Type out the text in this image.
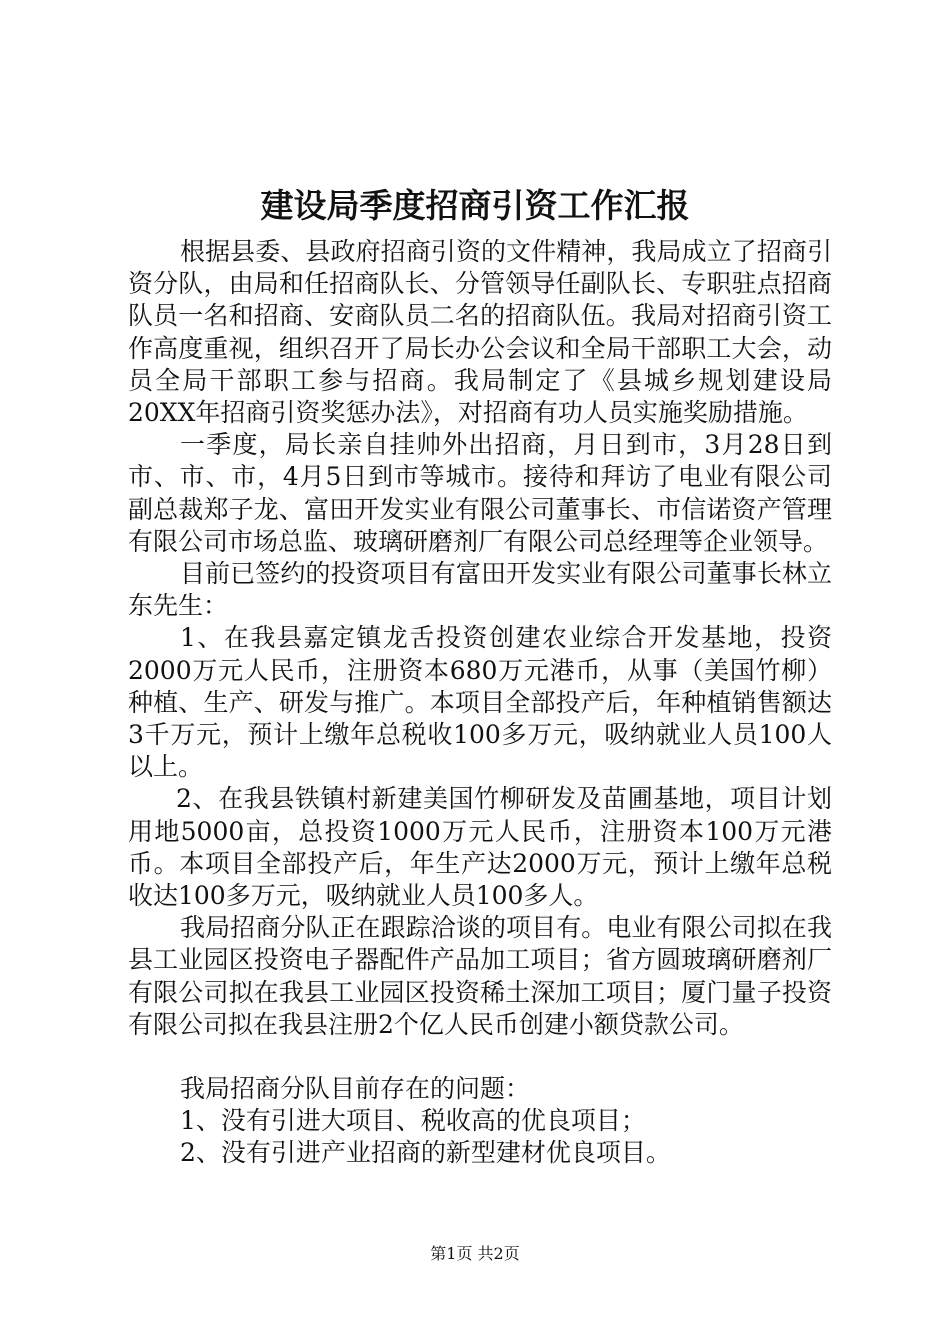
建设局季度招商引资工作汇报

根据县委、县政府招商引资的文件精神，我局成立了招商引资分队，由局和任招商队长、分管领导任副队长、专职驻点招商队员一名和招商、安商队员二名的招商队伍。我局对招商引资工作高度重视，组织召开了局长办公会议和全局干部职工大会，动员全局干部职工参与招商。我局制定了《县城乡规划建设局20XX年招商引资奖惩办法》，对招商有功人员实施奖励措施。

一季度，局长亲自挂帅外出招商，月日到市，3月28日到市、市、市，4月5日到市等城市。接待和拜访了电业有限公司副总裁郑子龙、富田开发实业有限公司董事长、市信诺资产管理有限公司市场总监、玻璃研磨剂厂有限公司总经理等企业领导。

目前已签约的投资项目有富田开发实业有限公司董事长林立东先生：

1、在我县嘉定镇龙舌投资创建农业综合开发基地，投资2000万元人民币，注册资本680万元港币，从事（美国竹柳）种植、生产、研发与推广。本项目全部投产后，年种植销售额达3千万元，预计上缴年总税收100多万元，吸纳就业人员100人以上。

2、在我县铁镇村新建美国竹柳研发及苗圃基地，项目计划用地5000亩，总投资1000万元人民币，注册资本100万元港币。本项目全部投产后，年生产达2000万元，预计上缴年总税收达100多万元，吸纳就业人员100多人。

我局招商分队正在跟踪洽谈的项目有。电业有限公司拟在我县工业园区投资电子器配件产品加工项目；省方圆玻璃研磨剂厂有限公司拟在我县工业园区投资稀土深加工项目；厦门量子投资有限公司拟在我县注册2个亿人民币创建小额贷款公司。

我局招商分队目前存在的问题：

1、没有引进大项目、税收高的优良项目；

2、没有引进产业招商的新型建材优良项目。

第1页 共2页
